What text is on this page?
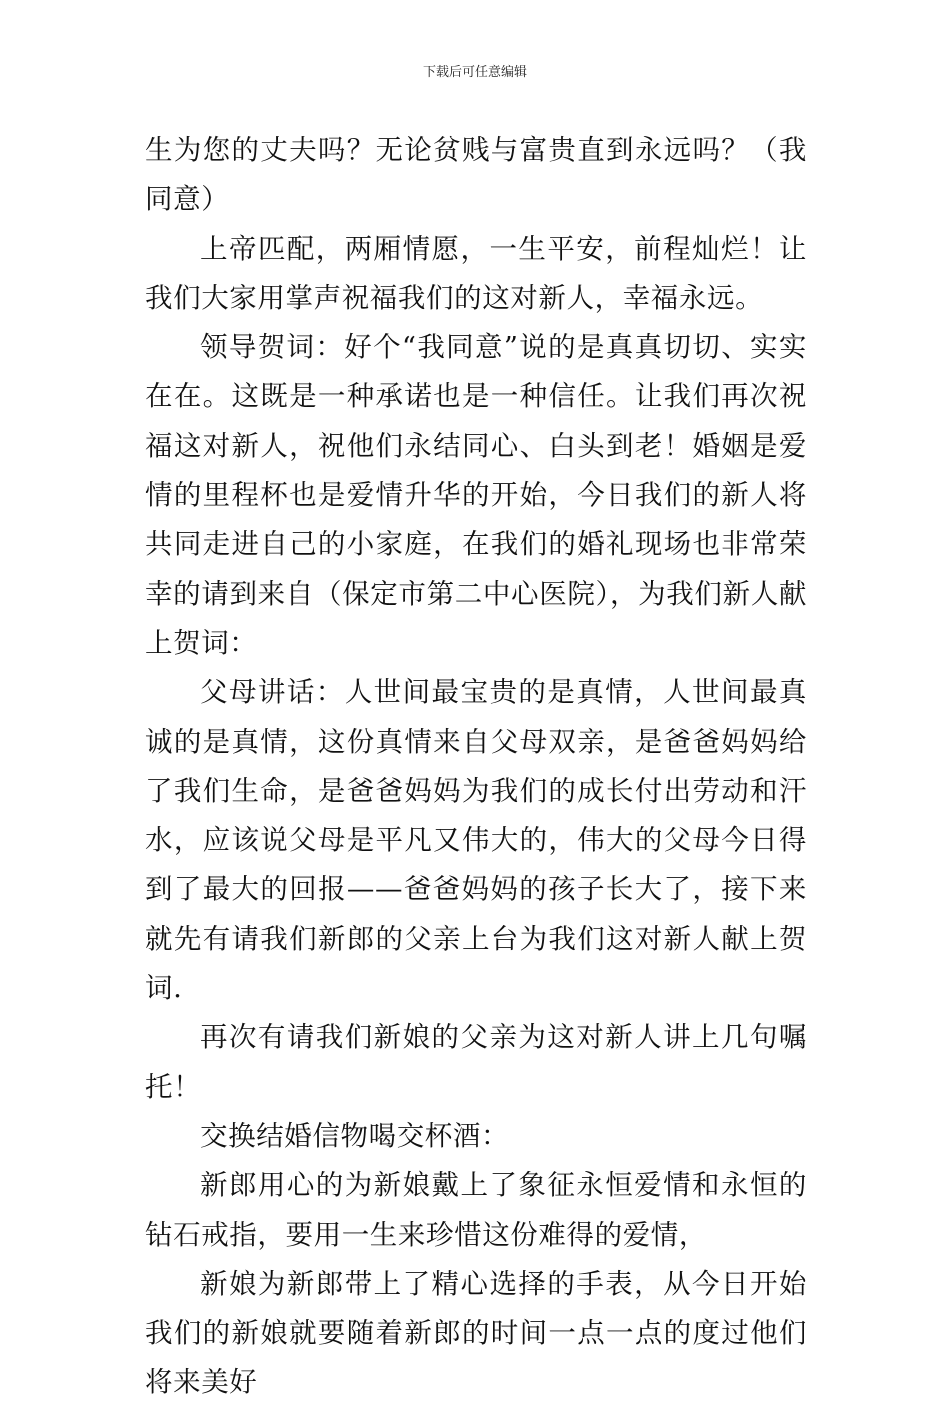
下载后可任意编辑

生为您的丈夫吗？无论贫贱与富贵直到永远吗？（我同意）

上帝匹配，两厢情愿，一生平安，前程灿烂！让我们大家用掌声祝福我们的这对新人，幸福永远。

领导贺词：好个“我同意”说的是真真切切、实实在在。这既是一种承诺也是一种信任。让我们再次祝福这对新人，祝他们永结同心、白头到老！婚姻是爱情的里程杯也是爱情升华的开始，今日我们的新人将共同走进自己的小家庭，在我们的婚礼现场也非常荣幸的请到来自（保定市第二中心医院），为我们新人献上贺词：

父母讲话：人世间最宝贵的是真情，人世间最真诚的是真情，这份真情来自父母双亲，是爸爸妈妈给了我们生命，是爸爸妈妈为我们的成长付出劳动和汗水，应该说父母是平凡又伟大的，伟大的父母今日得到了最大的回报——爸爸妈妈的孩子长大了，接下来就先有请我们新郎的父亲上台为我们这对新人献上贺词.

再次有请我们新娘的父亲为这对新人讲上几句嘱托！

交换结婚信物喝交杯酒：

新郎用心的为新娘戴上了象征永恒爱情和永恒的钻石戒指，要用一生来珍惜这份难得的爱情，

新娘为新郎带上了精心选择的手表，从今日开始我们的新娘就要随着新郎的时间一点一点的度过他们将来美好
